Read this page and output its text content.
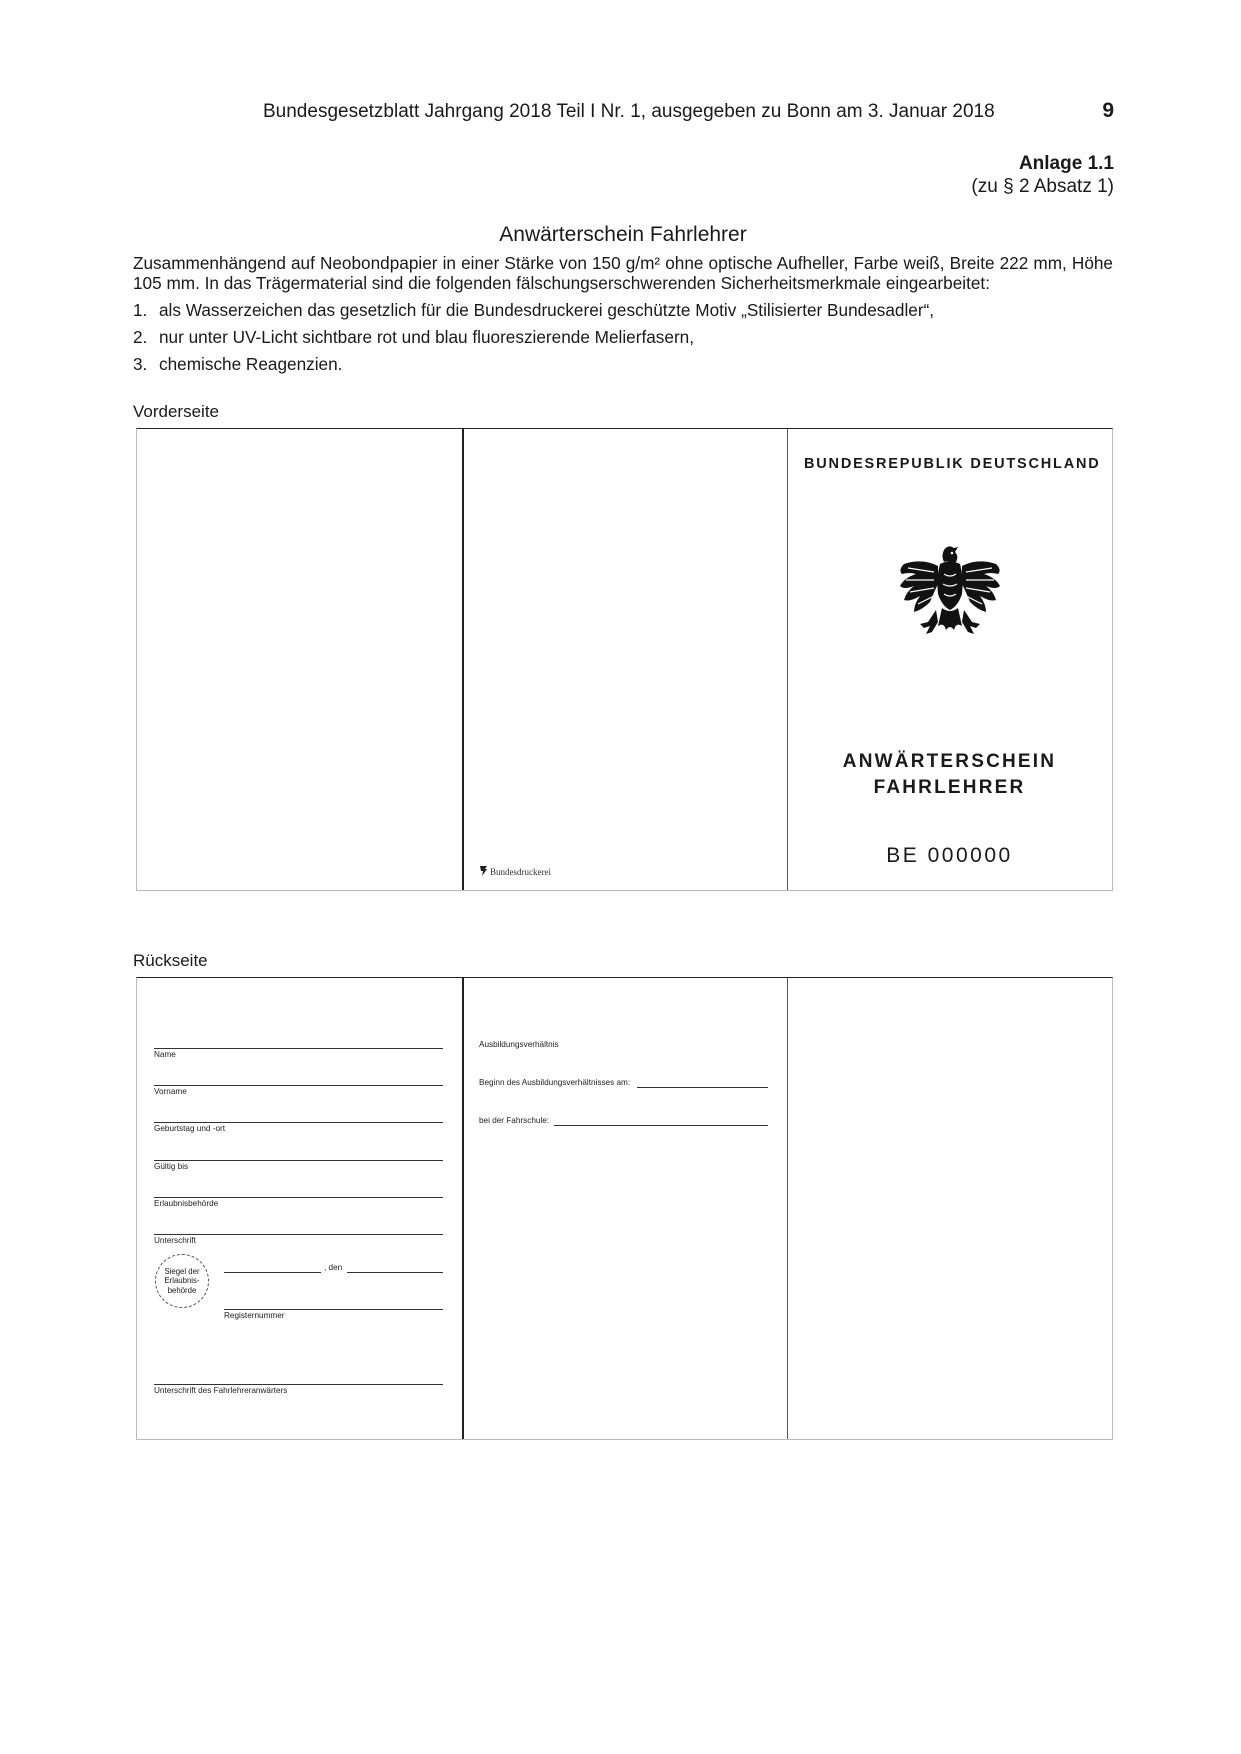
Bundesgesetzblatt Jahrgang 2018 Teil I Nr. 1, ausgegeben zu Bonn am 3. Januar 2018	9
Anlage 1.1
(zu § 2 Absatz 1)
Anwärterschein Fahrlehrer
Zusammenhängend auf Neobondpapier in einer Stärke von 150 g/m² ohne optische Aufheller, Farbe weiß, Breite 222 mm, Höhe 105 mm. In das Trägermaterial sind die folgenden fälschungserschwerenden Sicherheitsmerkmale eingearbeitet:
1. als Wasserzeichen das gesetzlich für die Bundesdruckerei geschützte Motiv „Stilisierter Bundesadler“,
2. nur unter UV-Licht sichtbare rot und blau fluoreszierende Melierfasern,
3. chemische Reagenzien.
Vorderseite
BUNDESREPUBLIK DEUTSCHLAND
ANWÄRTERSCHEIN
FAHRLEHRER
BE 000000
Bundesdruckerei
Rückseite
Name
Vorname
Geburtstag und -ort
Gültig bis
Erlaubnisbehörde
Unterschrift
Siegel der Erlaubnis- behörde
, den
Registernummer
Unterschrift des Fahrlehreranwärters
Ausbildungsverhältnis
Beginn des Ausbildungsverhältnisses am:
bei der Fahrschule:
